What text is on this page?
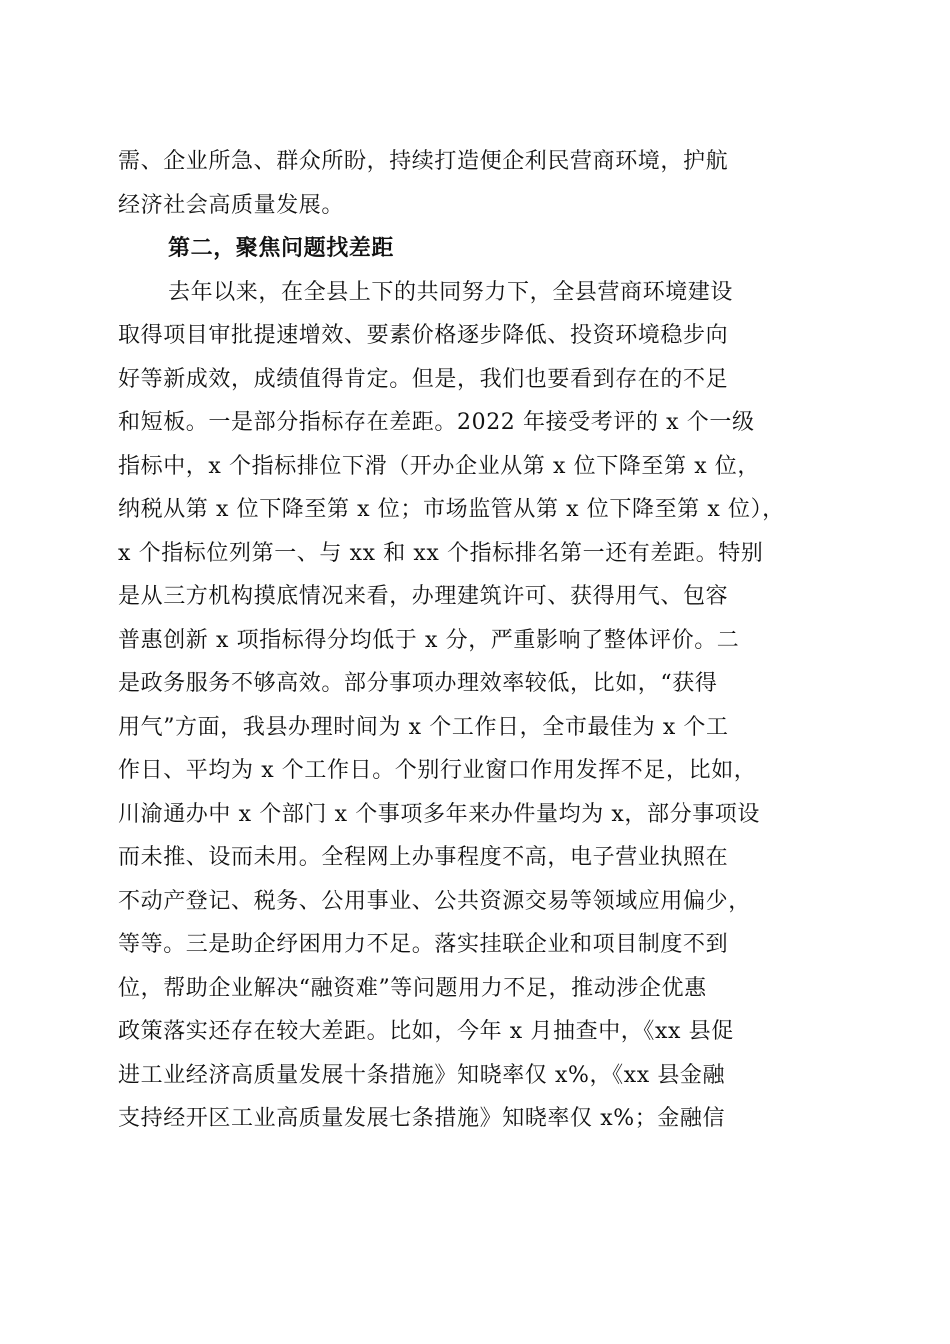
需、企业所急、群众所盼，持续打造便企利民营商环境，护航
经济社会高质量发展。
第二，聚焦问题找差距
去年以来，在全县上下的共同努力下，全县营商环境建设
取得项目审批提速增效、要素价格逐步降低、投资环境稳步向
好等新成效，成绩值得肯定。但是，我们也要看到存在的不足
和短板。一是部分指标存在差距。2022 年接受考评的 x 个一级
指标中，x 个指标排位下滑（开办企业从第 x 位下降至第 x 位，
纳税从第 x 位下降至第 x 位；市场监管从第 x 位下降至第 x 位），
x 个指标位列第一、与 xx 和 xx 个指标排名第一还有差距。特别
是从三方机构摸底情况来看，办理建筑许可、获得用气、包容
普惠创新 x 项指标得分均低于 x 分，严重影响了整体评价。二
是政务服务不够高效。部分事项办理效率较低，比如，“获得
用气”方面，我县办理时间为 x 个工作日，全市最佳为 x 个工
作日、平均为 x 个工作日。个别行业窗口作用发挥不足，比如，
川渝通办中 x 个部门 x 个事项多年来办件量均为 x，部分事项设
而未推、设而未用。全程网上办事程度不高，电子营业执照在
不动产登记、税务、公用事业、公共资源交易等领域应用偏少，
等等。三是助企纾困用力不足。落实挂联企业和项目制度不到
位，帮助企业解决“融资难”等问题用力不足，推动涉企优惠
政策落实还存在较大差距。比如，今年 x 月抽查中，《xx 县促
进工业经济高质量发展十条措施》知晓率仅 x%，《xx 县金融
支持经开区工业高质量发展七条措施》知晓率仅 x%；金融信
